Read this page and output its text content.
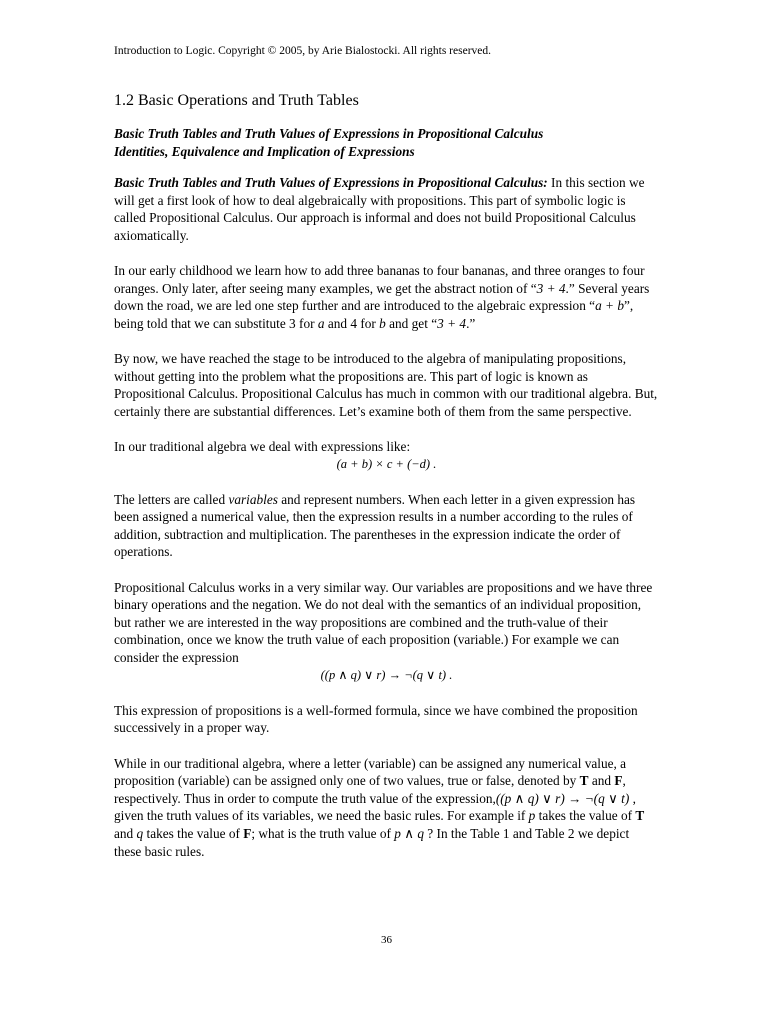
Introduction to Logic. Copyright © 2005, by Arie Bialostocki. All rights reserved.
1.2 Basic Operations and Truth Tables
Basic Truth Tables and Truth Values of Expressions in Propositional Calculus
Identities, Equivalence and Implication of Expressions

Basic Truth Tables and Truth Values of Expressions in Propositional Calculus: In this section we will get a first look of how to deal algebraically with propositions. This part of symbolic logic is called Propositional Calculus. Our approach is informal and does not build Propositional Calculus axiomatically.

In our early childhood we learn how to add three bananas to four bananas, and three oranges to four oranges. Only later, after seeing many examples, we get the abstract notion of “3 + 4.” Several years down the road, we are led one step further and are introduced to the algebraic expression “a + b”, being told that we can substitute 3 for a and 4 for b and get “3 + 4.”

By now, we have reached the stage to be introduced to the algebra of manipulating propositions, without getting into the problem what the propositions are. This part of logic is known as Propositional Calculus. Propositional Calculus has much in common with our traditional algebra. But, certainly there are substantial differences. Let’s examine both of them from the same perspective.

In our traditional algebra we deal with expressions like:

(a + b) × c + (−d) .

The letters are called variables and represent numbers. When each letter in a given expression has been assigned a numerical value, then the expression results in a number according to the rules of addition, subtraction and multiplication. The parentheses in the expression indicate the order of operations.

Propositional Calculus works in a very similar way. Our variables are propositions and we have three binary operations and the negation. We do not deal with the semantics of an individual proposition, but rather we are interested in the way propositions are combined and the truth-value of their combination, once we know the truth value of each proposition (variable.) For example we can consider the expression

((p ∧ q) ∨ r) → ¬(q ∨ t) .

This expression of propositions is a well-formed formula, since we have combined the proposition successively in a proper way.

While in our traditional algebra, where a letter (variable) can be assigned any numerical value, a proposition (variable) can be assigned only one of two values, true or false, denoted by T and F, respectively. Thus in order to compute the truth value of the expression,((p ∧ q) ∨ r) → ¬(q ∨ t) , given the truth values of its variables, we need the basic rules. For example if p takes the value of T and q takes the value of F; what is the truth value of p ∧ q ? In the Table 1 and Table 2 we depict these basic rules.

36
